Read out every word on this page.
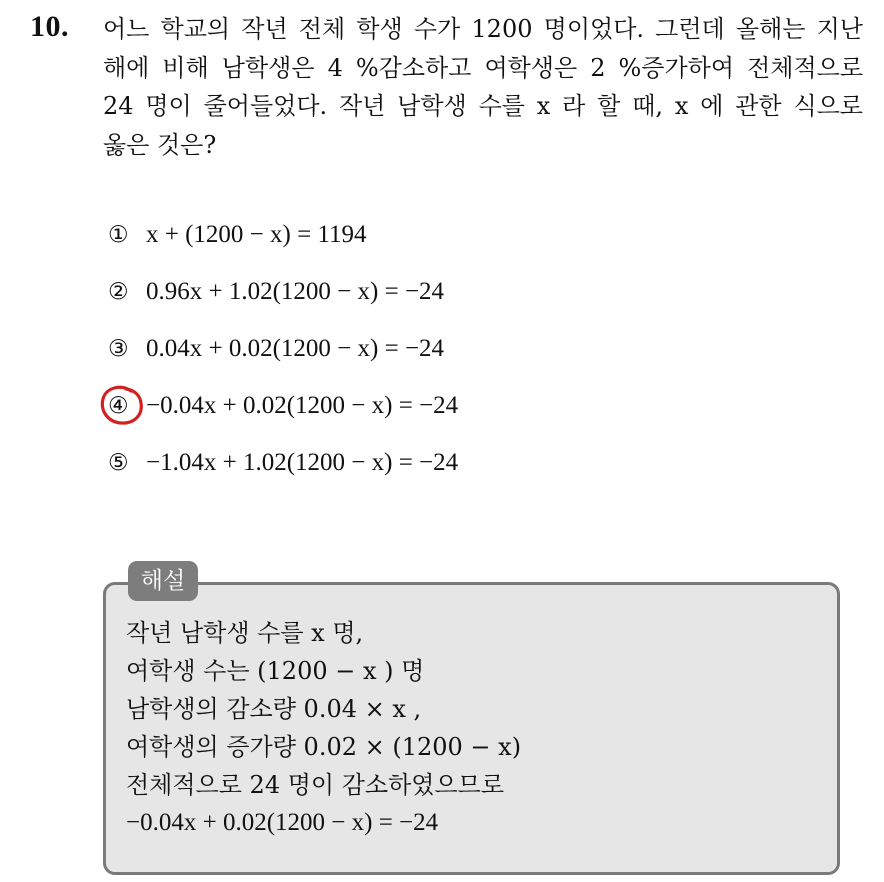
10. 어느 학교의 작년 전체 학생 수가 1200 명이었다. 그런데 올해는 지난
해에 비해 남학생은 4 %감소하고 여학생은 2 %증가하여 전체적으로
24 명이 줄어들었다. 작년 남학생 수를 x 라 할 때, x 에 관한 식으로
옳은 것은?
① x + (1200 − x) = 1194
② 0.96x + 1.02(1200 − x) = −24
③ 0.04x + 0.02(1200 − x) = −24
④ −0.04x + 0.02(1200 − x) = −24
⑤ −1.04x + 1.02(1200 − x) = −24
해설
작년 남학생 수를 x 명,
여학생 수는 (1200 − x ) 명
남학생의 감소량 0.04 × x ,
여학생의 증가량 0.02 × (1200 − x)
전체적으로 24 명이 감소하였으므로
−0.04x + 0.02(1200 − x) = −24
